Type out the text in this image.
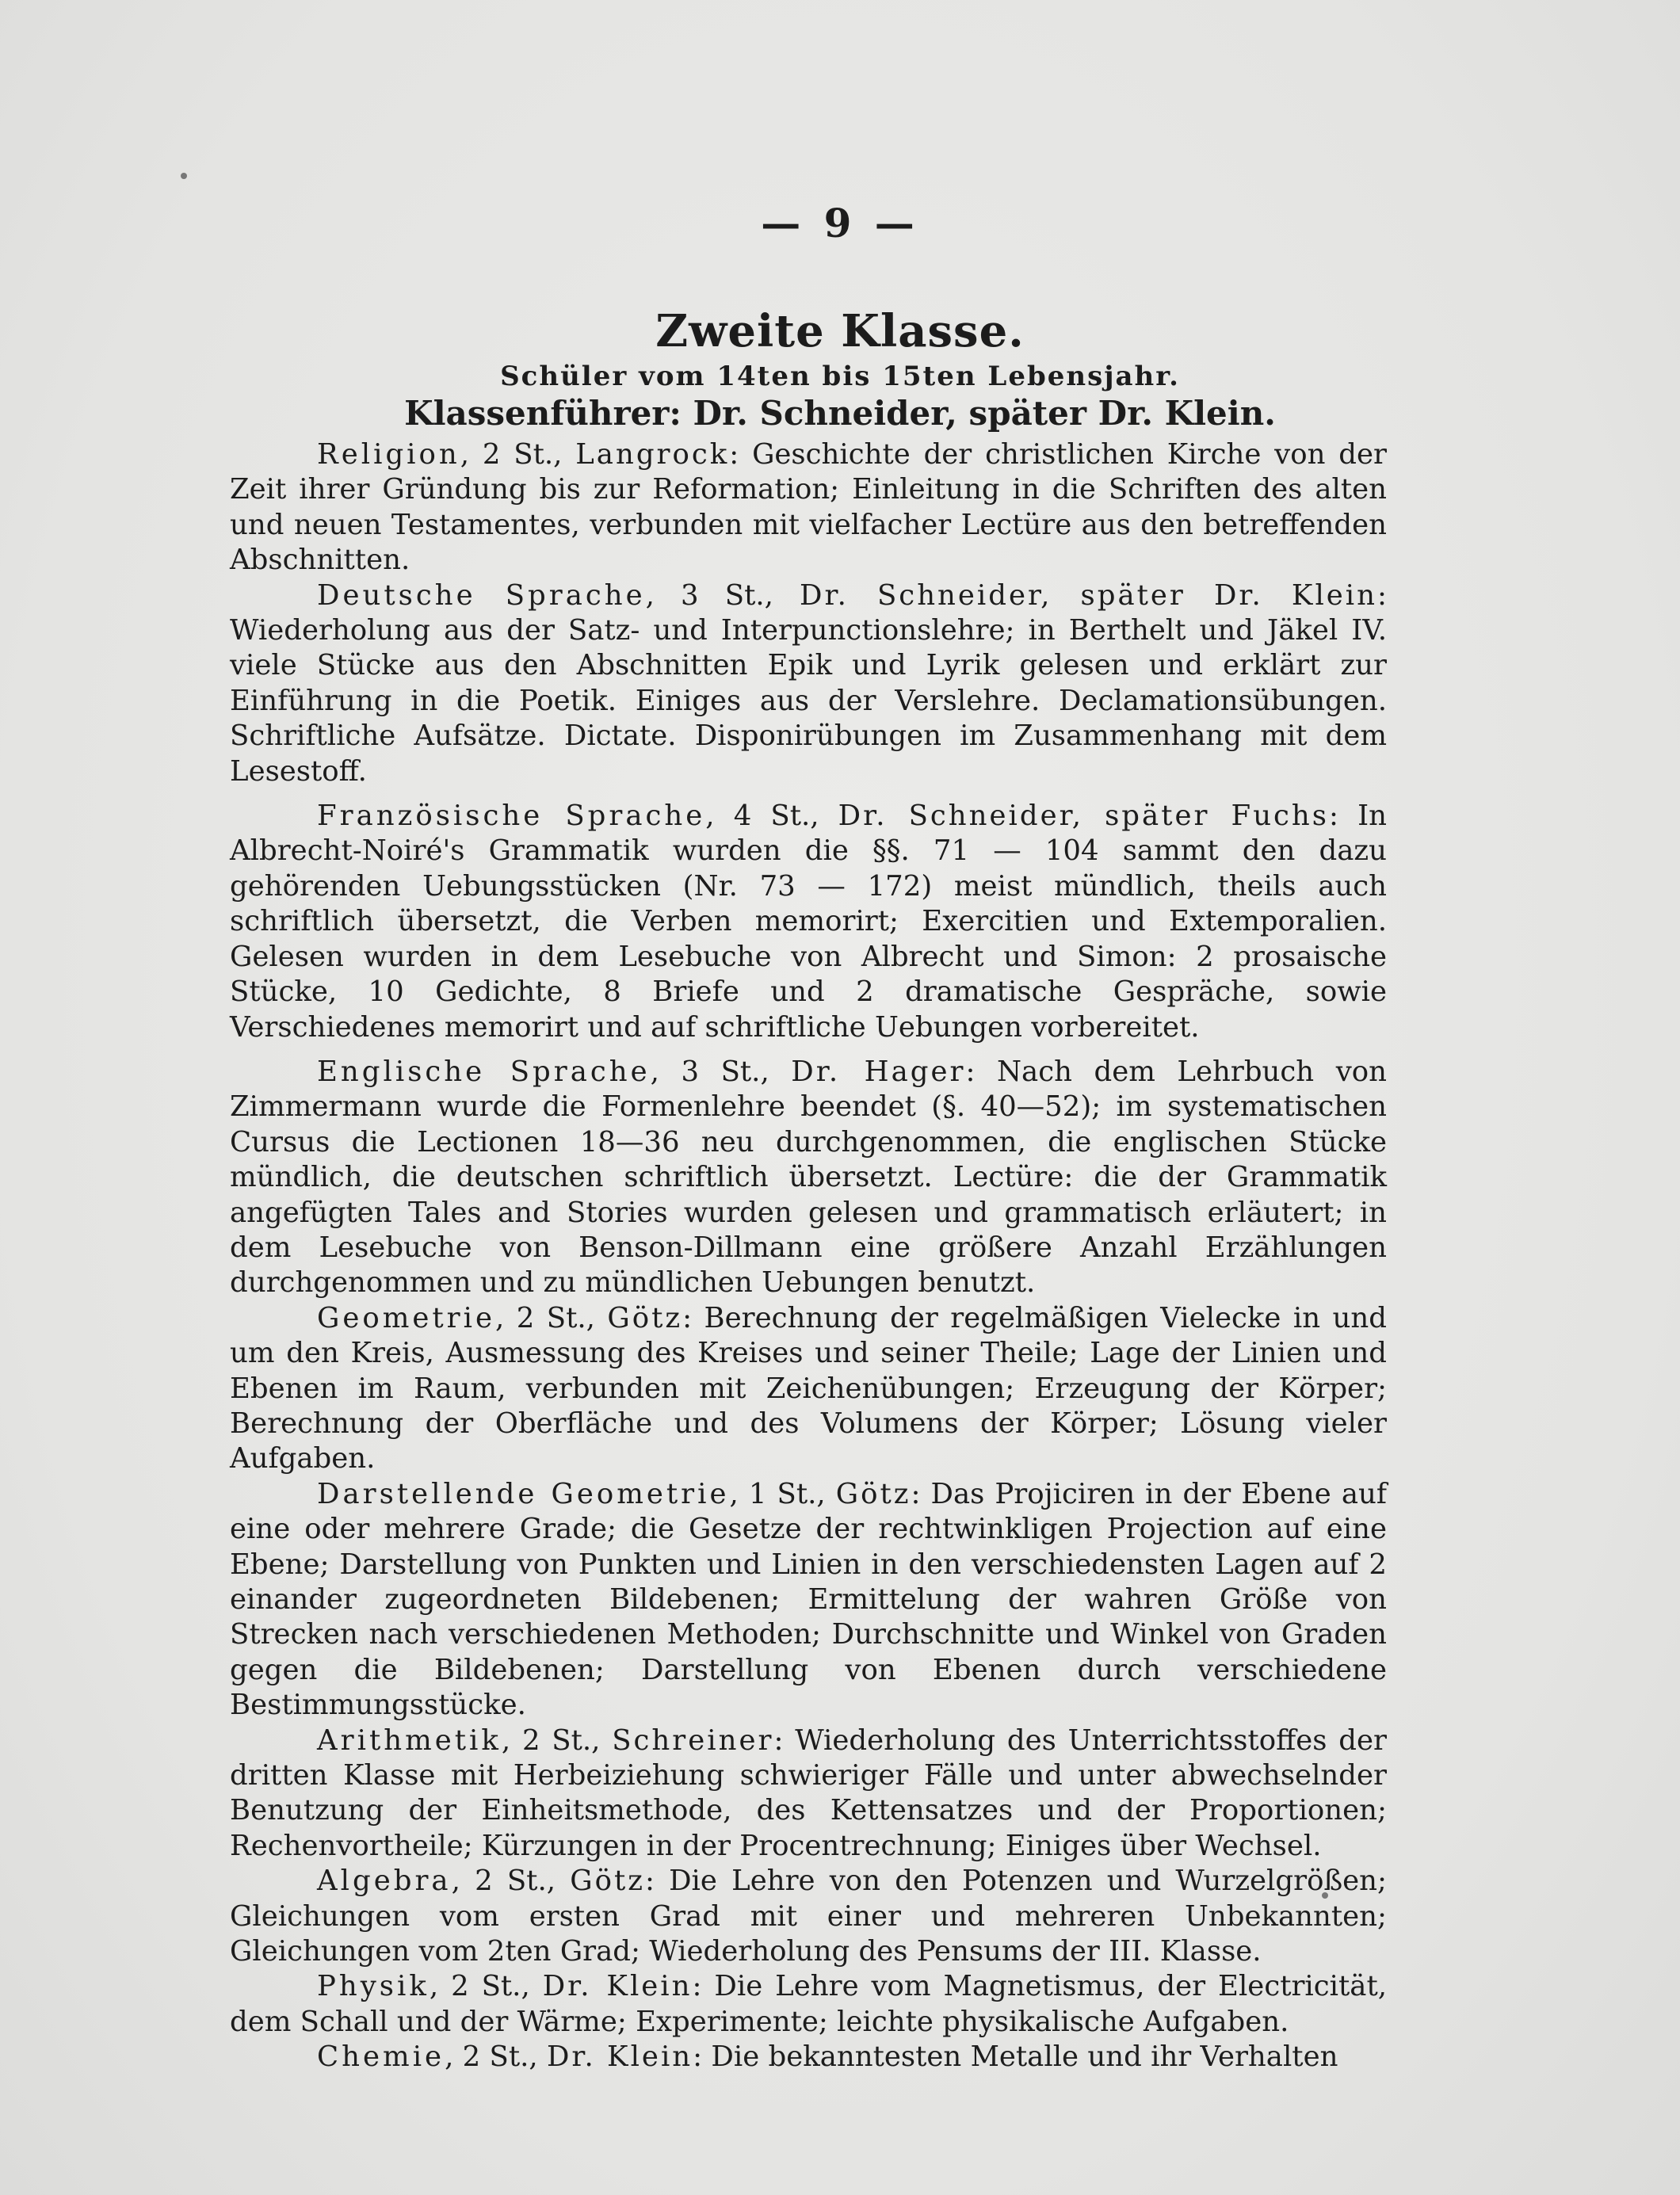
— 9 —
Zweite Klasse.
Schüler vom 14ten bis 15ten Lebensjahr.
Klassenführer: Dr. Schneider, später Dr. Klein.

Religion, 2 St., Langrock: Geschichte der christlichen Kirche von der Zeit ihrer Gründung bis zur Reformation; Einleitung in die Schriften des alten und neuen Testamentes, verbunden mit vielfacher Lectüre aus den betreffenden Abschnitten.

Deutsche Sprache, 3 St., Dr. Schneider, später Dr. Klein: Wiederholung aus der Satz- und Interpunctionslehre; in Berthelt und Jäkel IV. viele Stücke aus den Abschnitten Epik und Lyrik gelesen und erklärt zur Einführung in die Poetik. Einiges aus der Verslehre. Declamationsübungen. Schriftliche Aufsätze. Dictate. Disponirübungen im Zusammenhang mit dem Lesestoff.

Französische Sprache, 4 St., Dr. Schneider, später Fuchs: In Albrecht-Noiré's Grammatik wurden die §§. 71 — 104 sammt den dazu gehörenden Uebungsstücken (Nr. 73 — 172) meist mündlich, theils auch schriftlich übersetzt, die Verben memorirt; Exercitien und Extemporalien. Gelesen wurden in dem Lesebuche von Albrecht und Simon: 2 prosaische Stücke, 10 Gedichte, 8 Briefe und 2 dramatische Gespräche, sowie Verschiedenes memorirt und auf schriftliche Uebungen vorbereitet.

Englische Sprache, 3 St., Dr. Hager: Nach dem Lehrbuch von Zimmermann wurde die Formenlehre beendet (§. 40—52); im systematischen Cursus die Lectionen 18—36 neu durchgenommen, die englischen Stücke mündlich, die deutschen schriftlich übersetzt. Lectüre: die der Grammatik angefügten Tales and Stories wurden gelesen und grammatisch erläutert; in dem Lesebuche von Benson-Dillmann eine größere Anzahl Erzählungen durchgenommen und zu mündlichen Uebungen benutzt.

Geometrie, 2 St., Götz: Berechnung der regelmäßigen Vielecke in und um den Kreis, Ausmessung des Kreises und seiner Theile; Lage der Linien und Ebenen im Raum, verbunden mit Zeichenübungen; Erzeugung der Körper; Berechnung der Oberfläche und des Volumens der Körper; Lösung vieler Aufgaben.

Darstellende Geometrie, 1 St., Götz: Das Projiciren in der Ebene auf eine oder mehrere Grade; die Gesetze der rechtwinkligen Projection auf eine Ebene; Darstellung von Punkten und Linien in den verschiedensten Lagen auf 2 einander zugeordneten Bildebenen; Ermittelung der wahren Größe von Strecken nach verschiedenen Methoden; Durchschnitte und Winkel von Graden gegen die Bildebenen; Darstellung von Ebenen durch verschiedene Bestimmungsstücke.

Arithmetik, 2 St., Schreiner: Wiederholung des Unterrichtsstoffes der dritten Klasse mit Herbeiziehung schwieriger Fälle und unter abwechselnder Benutzung der Einheitsmethode, des Kettensatzes und der Proportionen; Rechenvortheile; Kürzungen in der Procentrechnung; Einiges über Wechsel.

Algebra, 2 St., Götz: Die Lehre von den Potenzen und Wurzelgrößen; Gleichungen vom ersten Grad mit einer und mehreren Unbekannten; Gleichungen vom 2ten Grad; Wiederholung des Pensums der III. Klasse.

Physik, 2 St., Dr. Klein: Die Lehre vom Magnetismus, der Electricität, dem Schall und der Wärme; Experimente; leichte physikalische Aufgaben.

Chemie, 2 St., Dr. Klein: Die bekanntesten Metalle und ihr Verhalten
